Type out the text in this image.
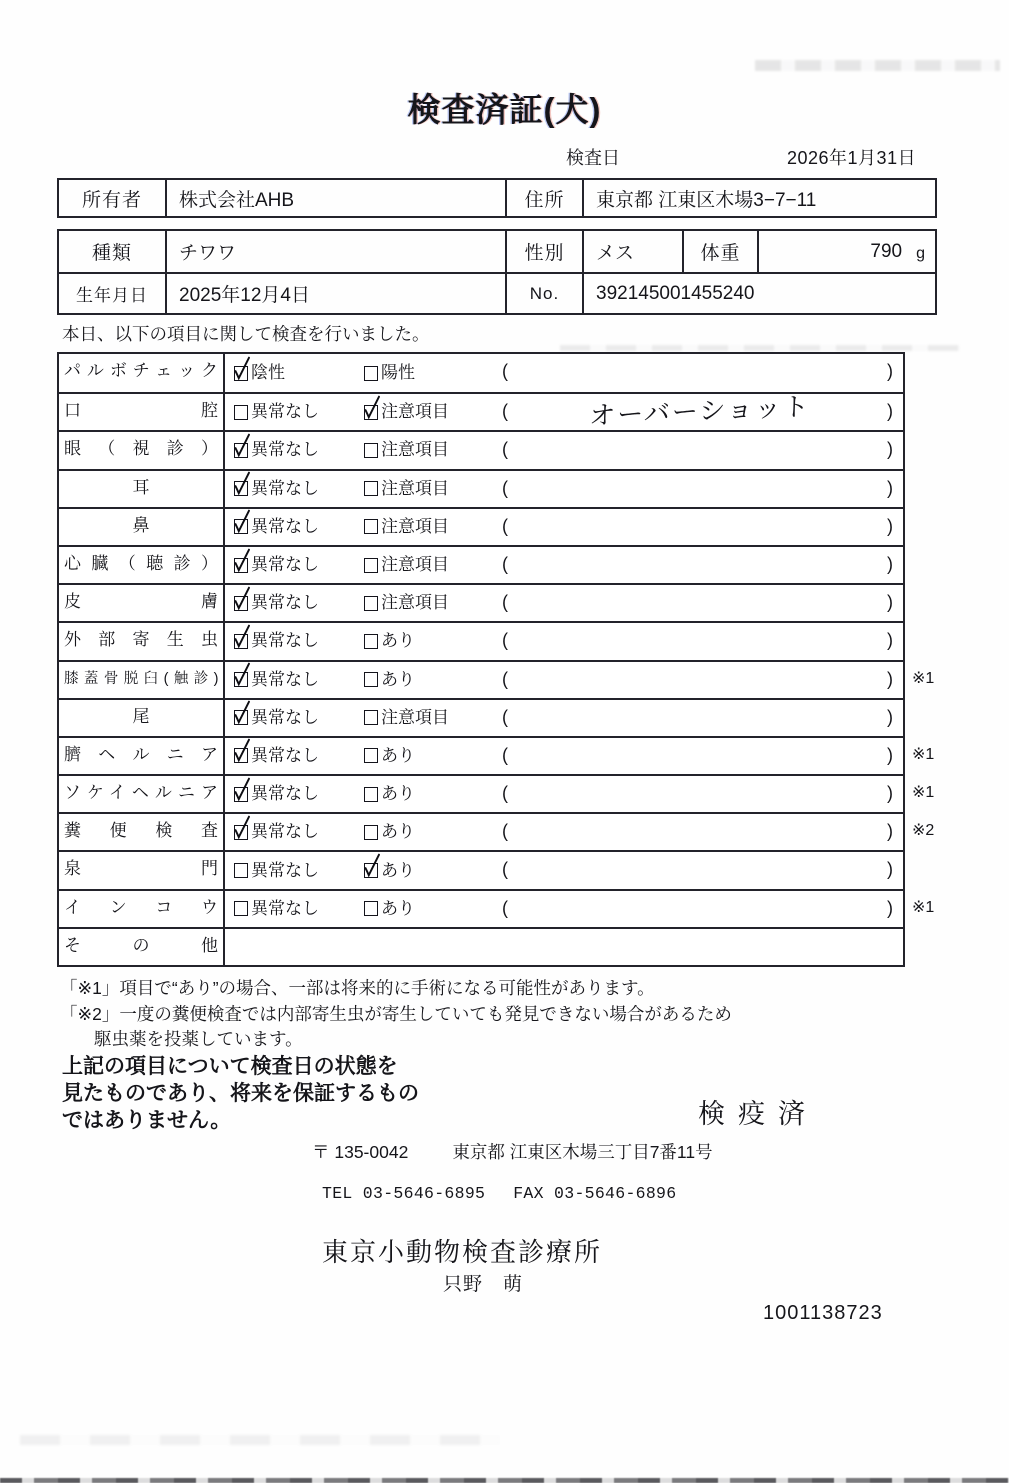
検査済証(犬)
検査日	2026年1月31日
所有者	株式会社AHB	住所	東京都 江東区木場3−7−11
種類	チワワ	性別	メス	体重	790 g
生年月日	2025年12月4日	No.	392145001455240
本日、以下の項目に関して検査を行いました。
パルボチェック	陰性	陽性	(	)
口腔	異常なし	注意項目	(	オーバーショット	)
眼（視診）	異常なし	注意項目	(	)
耳	異常なし	注意項目	(	)
鼻	異常なし	注意項目	(	)
心臓（聴診）	異常なし	注意項目	(	)
皮膚	異常なし	注意項目	(	)
外部寄生虫	異常なし	あり	(	)
膝蓋骨脱臼(触診)	異常なし	あり	(	) ※1
尾	異常なし	注意項目	(	)
臍ヘルニア	異常なし	あり	(	) ※1
ソケイヘルニア	異常なし	あり	(	) ※1
糞便検査	異常なし	あり	(	) ※2
泉門	異常なし	あり	(	)
インコウ	異常なし	あり	(	) ※1
その他
「※1」項目で“あり”の場合、一部は将来的に手術になる可能性があります。
「※2」一度の糞便検査では内部寄生虫が寄生していても発見できない場合があるため
駆虫薬を投薬しています。
上記の項目について検査日の状態を
見たものであり、将来を保証するもの
ではありません。	検疫済
〒 135-0042	東京都 江東区木場三丁目7番11号
TEL 03-5646-6895 FAX 03-5646-6896
東京小動物検査診療所
只野　萌
1001138723
